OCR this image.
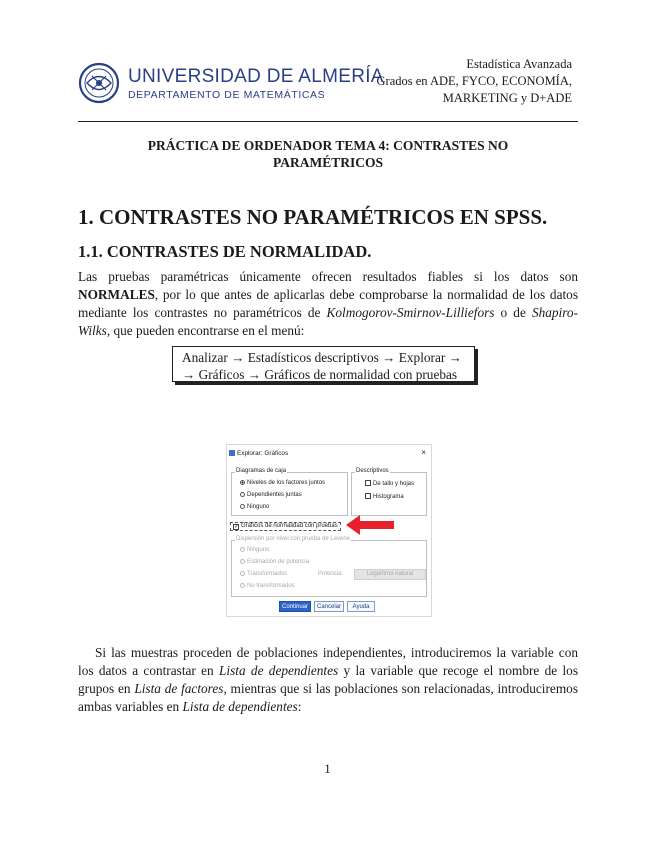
UNIVERSIDAD DE ALMERÍA
DEPARTAMENTO DE MATEMÁTICAS
Estadística Avanzada
Grados en ADE, FYCO, ECONOMÍA,
MARKETING y D+ADE
PRÁCTICA DE ORDENADOR TEMA 4: CONTRASTES NO
PARAMÉTRICOS
1. CONTRASTES NO PARAMÉTRICOS EN SPSS.
1.1. CONTRASTES DE NORMALIDAD.
Las pruebas paramétricas únicamente ofrecen resultados fiables si los datos son NORMALES, por lo que antes de aplicarlas debe comprobarse la normalidad de los datos mediante los contrastes no paramétricos de Kolmogorov-Smirnov-Lilliefors o de Shapiro-Wilks, que pueden encontrarse en el menú:
Analizar → Estadísticos descriptivos → Explorar →
→ Gráficos → Gráficos de normalidad con pruebas
Explorar: Gráficos	×
Diagramas de caja
Niveles de los factores juntos
Dependientes juntas
Ninguno
Descriptivos
De tallo y hojas
Histograma
✓ Gráficos de normalidad con pruebas
Dispersión por nivel con prueba de Levene
Ninguno
Estimación de potencia
Transformados	Potencia:	Logaritmo natural
No transformados
Continuar	Cancelar	Ayuda
Si las muestras proceden de poblaciones independientes, introduciremos la variable con los datos a contrastar en Lista de dependientes y la variable que recoge el nombre de los grupos en Lista de factores, mientras que si las poblaciones son relacionadas, introduciremos ambas variables en Lista de dependientes:
1
